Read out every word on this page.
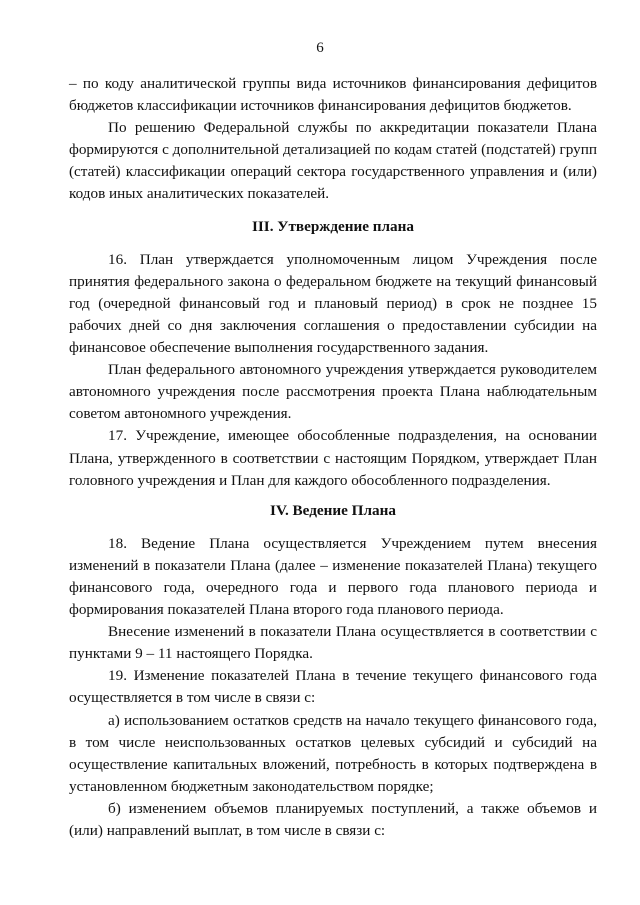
6

– по коду аналитической группы вида источников финансирования дефицитов бюджетов классификации источников финансирования дефицитов бюджетов.

По решению Федеральной службы по аккредитации показатели Плана формируются с дополнительной детализацией по кодам статей (подстатей) групп (статей) классификации операций сектора государственного управления и (или) кодов иных аналитических показателей.

III. Утверждение плана

16. План утверждается уполномоченным лицом Учреждения после принятия федерального закона о федеральном бюджете на текущий финансовый год (очередной финансовый год и плановый период) в срок не позднее 15 рабочих дней со дня заключения соглашения о предоставлении субсидии на финансовое обеспечение выполнения государственного задания.

План федерального автономного учреждения утверждается руководителем автономного учреждения после рассмотрения проекта Плана наблюдательным советом автономного учреждения.

17. Учреждение, имеющее обособленные подразделения, на основании Плана, утвержденного в соответствии с настоящим Порядком, утверждает План головного учреждения и План для каждого обособленного подразделения.

IV. Ведение Плана

18. Ведение Плана осуществляется Учреждением путем внесения изменений в показатели Плана (далее – изменение показателей Плана) текущего финансового года, очередного года и первого года планового периода и формирования показателей Плана второго года планового периода.

Внесение изменений в показатели Плана осуществляется в соответствии с пунктами 9 – 11 настоящего Порядка.

19. Изменение показателей Плана в течение текущего финансового года осуществляется в том числе в связи с:

а) использованием остатков средств на начало текущего финансового года, в том числе неиспользованных остатков целевых субсидий и субсидий на осуществление капитальных вложений, потребность в которых подтверждена в установленном бюджетным законодательством порядке;

б) изменением объемов планируемых поступлений, а также объемов и (или) направлений выплат, в том числе в связи с:
